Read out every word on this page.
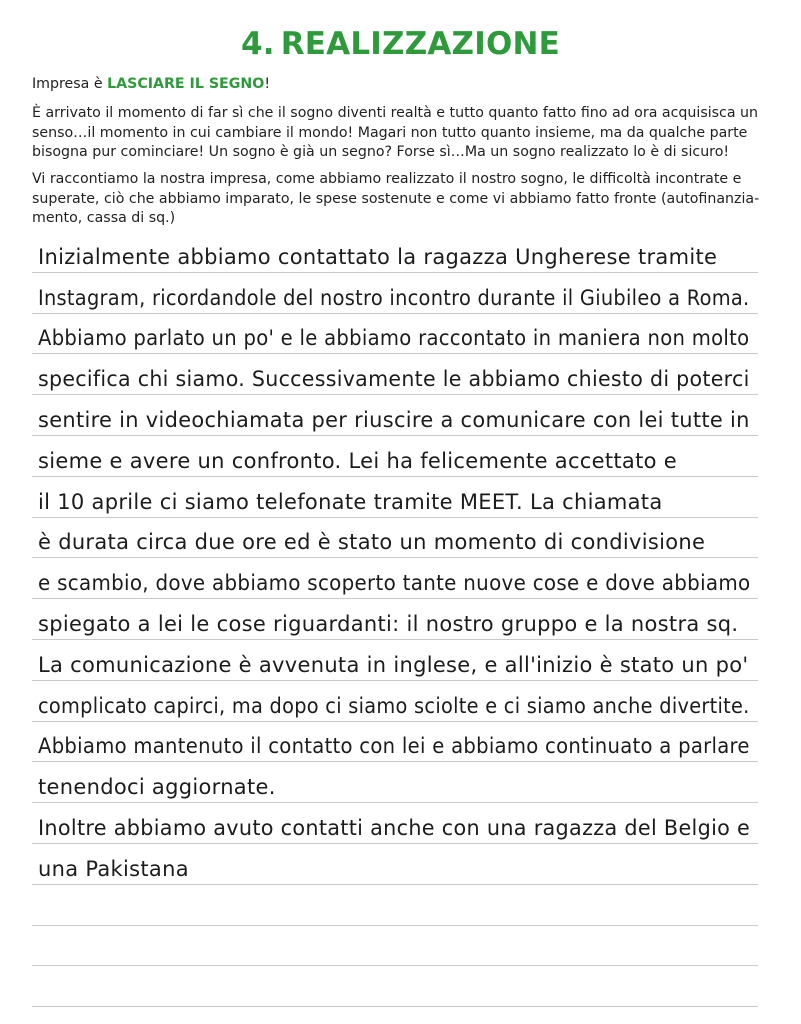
4. REALIZZAZIONE
Impresa è LASCIARE IL SEGNO!
È arrivato il momento di far sì che il sogno diventi realtà e tutto quanto fatto fino ad ora acquisisca un senso…il momento in cui cambiare il mondo! Magari non tutto quanto insieme, ma da qualche parte bisogna pur cominciare! Un sogno è già un segno? Forse sì…Ma un sogno realizzato lo è di sicuro!
Vi raccontiamo la nostra impresa, come abbiamo realizzato il nostro sogno, le difficoltà incontrate e superate, ciò che abbiamo imparato, le spese sostenute e come vi abbiamo fatto fronte (autofinanzia-mento, cassa di sq.)
Inizialmente abbiamo contattato la ragazza Ungherese tramite
Instagram, ricordandole del nostro incontro durante il Giubileo a Roma.
Abbiamo parlato un po' e le abbiamo raccontato in maniera non molto
specifica chi siamo. Successivamente le abbiamo chiesto di poterci
sentire in videochiamata per riuscire a comunicare con lei tutte in
sieme e avere un confronto. Lei ha felicemente accettato e
il 10 aprile ci siamo telefonate tramite MEET. La chiamata
è durata circa due ore ed è stato un momento di condivisione
e scambio, dove abbiamo scoperto tante nuove cose e dove abbiamo
spiegato a lei le cose riguardanti: il nostro gruppo e la nostra sq.
La comunicazione è avvenuta in inglese, e all'inizio è stato un po'
complicato capirci, ma dopo ci siamo sciolte e ci siamo anche divertite.
Abbiamo mantenuto il contatto con lei e abbiamo continuato a parlare
tenendoci aggiornate.
Inoltre abbiamo avuto contatti anche con una ragazza del Belgio e
una Pakistana
